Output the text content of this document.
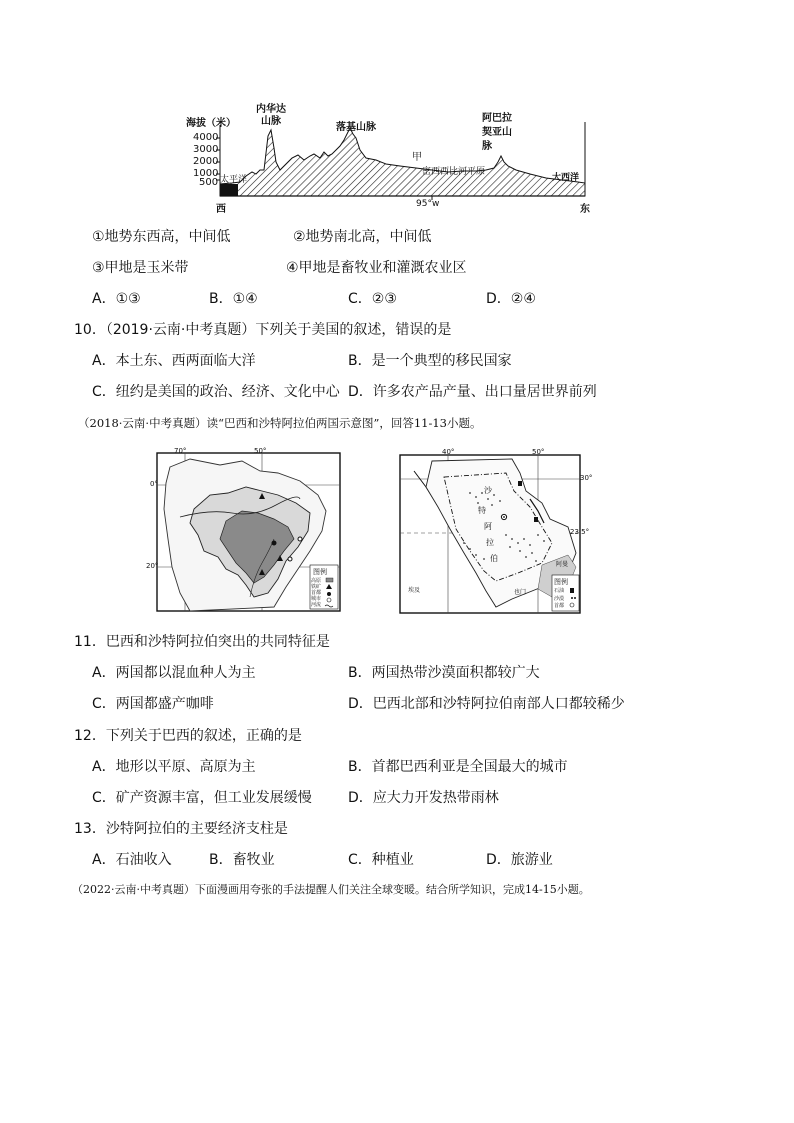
海拔（米）
4000
3000
2000
1000
500
内华达
山脉
落基山脉
阿巴拉
契亚山
脉
甲
密西西比河平原
太平洋	大西洋
西	东
95°w
①地势东西高，中间低	②地势南北高，中间低
③甲地是玉米带	④甲地是畜牧业和灌溉农业区
A．①③	B．①④	C．②③	D．②④
10．（2019·云南·中考真题）下列关于美国的叙述，错误的是
A．本土东、西两面临大洋	B．是一个典型的移民国家
C．纽约是美国的政治、经济、文化中心 D．许多农产品产量、出口量居世界前列
（2018·云南·中考真题）读“巴西和沙特阿拉伯两国示意图”，回答11-13小题。
70°	50°
0°
20°
图例
高原
铁矿
首都
城市
河流
40°	50°
30°
23.5°
沙
特
阿
拉
伯
埃及	也门
阿曼
图例
石油
沙漠
首都
11．巴西和沙特阿拉伯突出的共同特征是
A．两国都以混血种人为主	B．两国热带沙漠面积都较广大
C．两国都盛产咖啡	D．巴西北部和沙特阿拉伯南部人口都较稀少
12．下列关于巴西的叙述，正确的是
A．地形以平原、高原为主	B．首都巴西利亚是全国最大的城市
C．矿产资源丰富，但工业发展缓慢	D．应大力开发热带雨林
13．沙特阿拉伯的主要经济支柱是
A．石油收入	B．畜牧业	C．种植业	D．旅游业
（2022·云南·中考真题）下面漫画用夸张的手法提醒人们关注全球变暖。结合所学知识，完成14-15小题。
